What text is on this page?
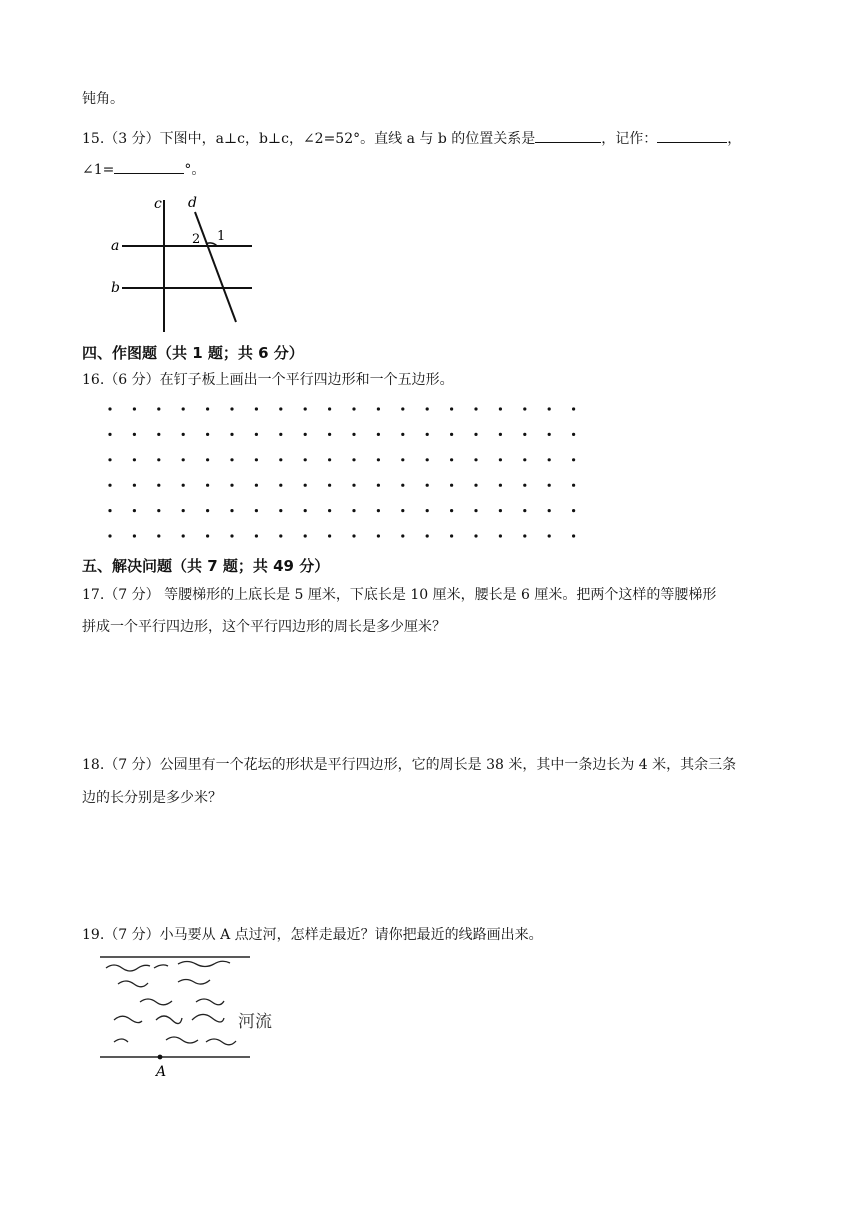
钝角。
15.（3 分）下图中，a⊥c，b⊥c，∠2=52°。直线 a 与 b 的位置关系是	，记作：	，
∠1=	°。
c d
a
b
2 1
四、作图题（共 1 题；共 6 分）
16.（6 分）在钉子板上画出一个平行四边形和一个五边形。
五、解决问题（共 7 题；共 49 分）
17.（7 分） 等腰梯形的上底长是 5 厘米，下底长是 10 厘米，腰长是 6 厘米。把两个这样的等腰梯形
拼成一个平行四边形，这个平行四边形的周长是多少厘米？
18.（7 分）公园里有一个花坛的形状是平行四边形，它的周长是 38 米，其中一条边长为 4 米，其余三条
边的长分别是多少米？
19.（7 分）小马要从 A 点过河，怎样走最近？请你把最近的线路画出来。
A
河流
